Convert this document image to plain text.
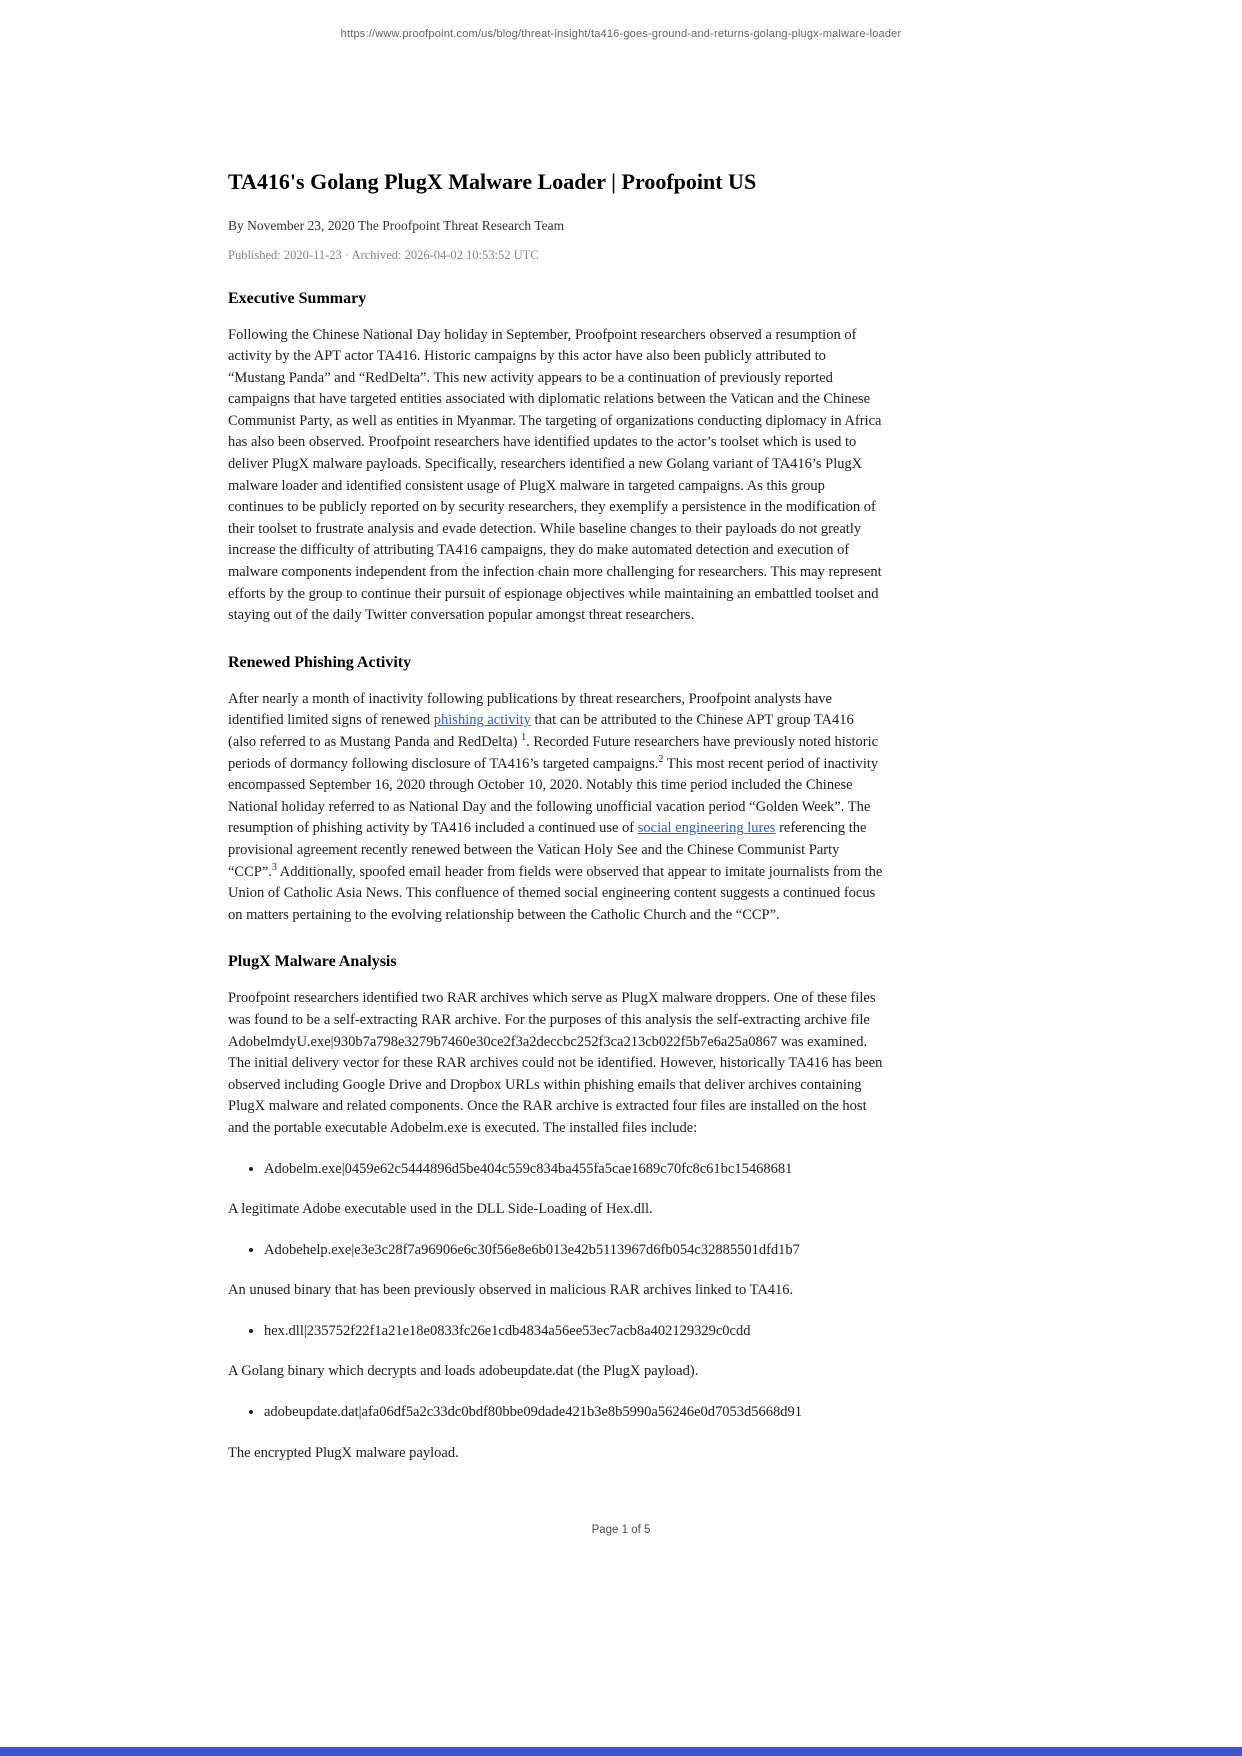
https://www.proofpoint.com/us/blog/threat-insight/ta416-goes-ground-and-returns-golang-plugx-malware-loader
TA416's Golang PlugX Malware Loader | Proofpoint US

By November 23, 2020 The Proofpoint Threat Research Team

Published: 2020-11-23 · Archived: 2026-04-02 10:53:52 UTC

Executive Summary

Following the Chinese National Day holiday in September, Proofpoint researchers observed a resumption of activity by the APT actor TA416. Historic campaigns by this actor have also been publicly attributed to “Mustang Panda” and “RedDelta”. This new activity appears to be a continuation of previously reported campaigns that have targeted entities associated with diplomatic relations between the Vatican and the Chinese Communist Party, as well as entities in Myanmar. The targeting of organizations conducting diplomacy in Africa has also been observed. Proofpoint researchers have identified updates to the actor’s toolset which is used to deliver PlugX malware payloads. Specifically, researchers identified a new Golang variant of TA416’s PlugX malware loader and identified consistent usage of PlugX malware in targeted campaigns. As this group continues to be publicly reported on by security researchers, they exemplify a persistence in the modification of their toolset to frustrate analysis and evade detection. While baseline changes to their payloads do not greatly increase the difficulty of attributing TA416 campaigns, they do make automated detection and execution of malware components independent from the infection chain more challenging for researchers. This may represent efforts by the group to continue their pursuit of espionage objectives while maintaining an embattled toolset and staying out of the daily Twitter conversation popular amongst threat researchers.

Renewed Phishing Activity

After nearly a month of inactivity following publications by threat researchers, Proofpoint analysts have identified limited signs of renewed phishing activity that can be attributed to the Chinese APT group TA416 (also referred to as Mustang Panda and RedDelta) $^1$. Recorded Future researchers have previously noted historic periods of dormancy following disclosure of TA416’s targeted campaigns.$^2$ This most recent period of inactivity encompassed September 16, 2020 through October 10, 2020. Notably this time period included the Chinese National holiday referred to as National Day and the following unofficial vacation period “Golden Week”. The resumption of phishing activity by TA416 included a continued use of social engineering lures referencing the provisional agreement recently renewed between the Vatican Holy See and the Chinese Communist Party “CCP”.$^3$ Additionally, spoofed email header from fields were observed that appear to imitate journalists from the Union of Catholic Asia News. This confluence of themed social engineering content suggests a continued focus on matters pertaining to the evolving relationship between the Catholic Church and the “CCP”.

PlugX Malware Analysis

Proofpoint researchers identified two RAR archives which serve as PlugX malware droppers. One of these files was found to be a self-extracting RAR archive. For the purposes of this analysis the self-extracting archive file AdobelmdyU.exe|930b7a798e3279b7460e30ce2f3a2deccbc252f3ca213cb022f5b7e6a25a0867 was examined. The initial delivery vector for these RAR archives could not be identified. However, historically TA416 has been observed including Google Drive and Dropbox URLs within phishing emails that deliver archives containing PlugX malware and related components. Once the RAR archive is extracted four files are installed on the host and the portable executable Adobelm.exe is executed. The installed files include:

• Adobelm.exe|0459e62c5444896d5be404c559c834ba455fa5cae1689c70fc8c61bc15468681

A legitimate Adobe executable used in the DLL Side-Loading of Hex.dll.

• Adobehelp.exe|e3e3c28f7a96906e6c30f56e8e6b013e42b5113967d6fb054c32885501dfd1b7

An unused binary that has been previously observed in malicious RAR archives linked to TA416.

• hex.dll|235752f22f1a21e18e0833fc26e1cdb4834a56ee53ec7acb8a402129329c0cdd

A Golang binary which decrypts and loads adobeupdate.dat (the PlugX payload).

• adobeupdate.dat|afa06df5a2c33dc0bdf80bbe09dade421b3e8b5990a56246e0d7053d5668d91

The encrypted PlugX malware payload.

Page 1 of 5
